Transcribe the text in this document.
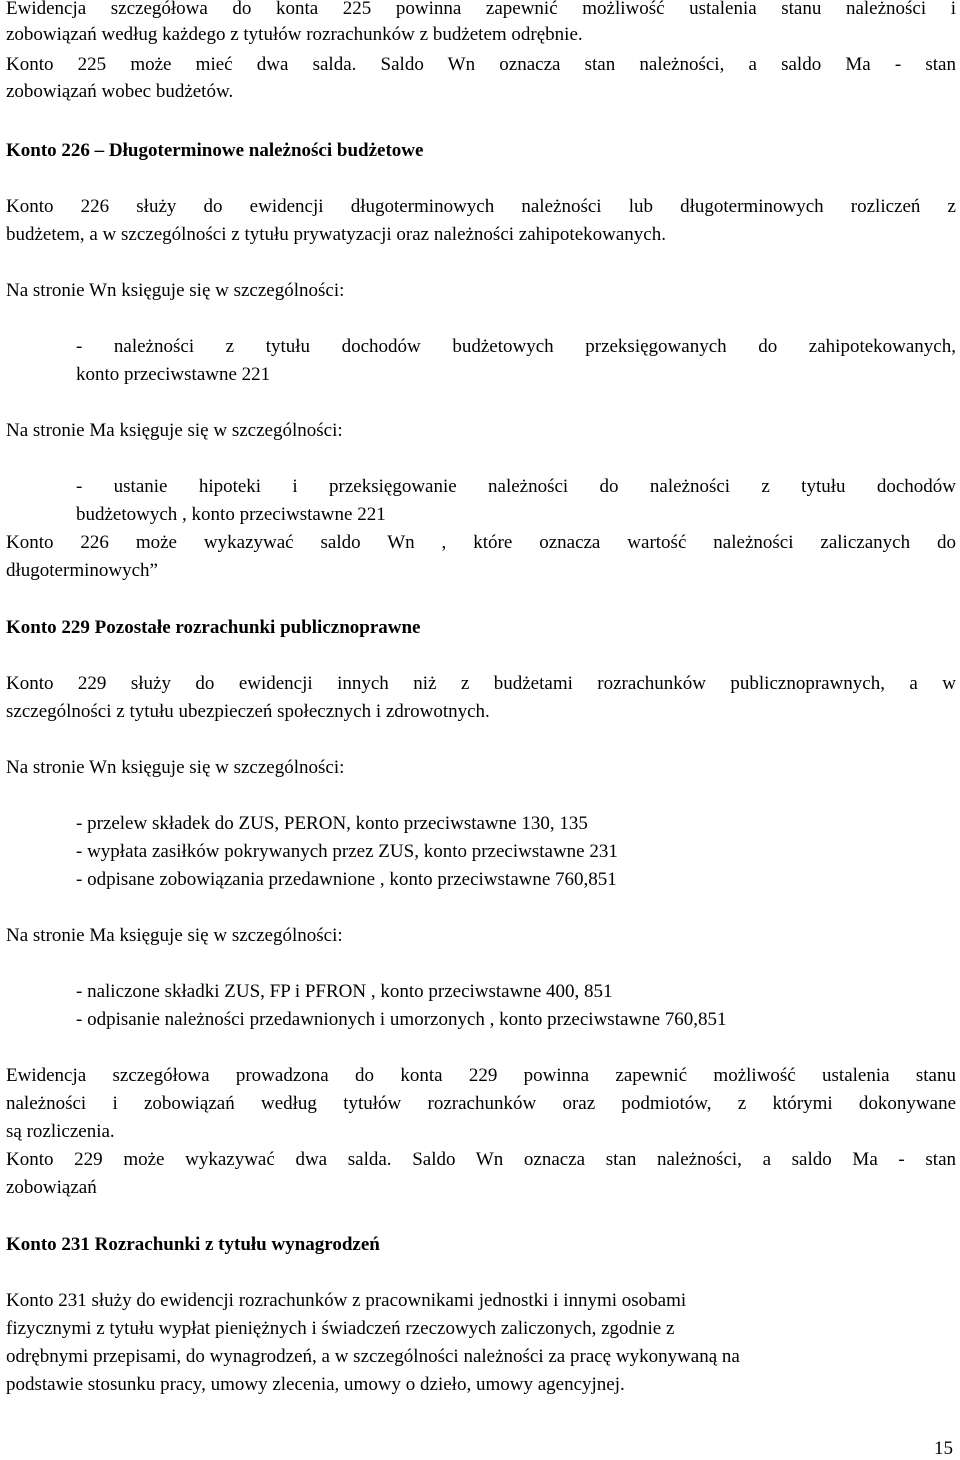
Ewidencja szczegółowa do konta 225 powinna zapewnić możliwość ustalenia stanu należności i
zobowiązań według każdego z tytułów rozrachunków z budżetem odrębnie.
Konto 225 może mieć dwa salda. Saldo Wn oznacza stan należności, a saldo Ma - stan
zobowiązań wobec budżetów.
Konto 226 – Długoterminowe należności budżetowe
Konto 226 służy do ewidencji długoterminowych należności lub długoterminowych rozliczeń z
budżetem, a w szczególności z tytułu prywatyzacji oraz należności zahipotekowanych.
Na stronie Wn księguje się w szczególności:
- należności z tytułu dochodów budżetowych przeksięgowanych do zahipotekowanych,
konto przeciwstawne 221
Na stronie Ma księguje się w szczególności:
- ustanie hipoteki i przeksięgowanie należności do należności z tytułu dochodów
budżetowych , konto przeciwstawne 221
Konto 226 może wykazywać saldo Wn , które oznacza wartość należności zaliczanych do
długoterminowych”
Konto 229 Pozostałe rozrachunki publicznoprawne
Konto 229 służy do ewidencji innych niż z budżetami rozrachunków publicznoprawnych, a w
szczególności z tytułu ubezpieczeń społecznych i zdrowotnych.
Na stronie Wn księguje się w szczególności:
- przelew składek do ZUS, PERON, konto przeciwstawne 130, 135
- wypłata zasiłków pokrywanych przez ZUS, konto przeciwstawne 231
- odpisane zobowiązania przedawnione , konto przeciwstawne 760,851
Na stronie Ma księguje się w szczególności:
- naliczone składki ZUS, FP i PFRON , konto przeciwstawne 400, 851
- odpisanie należności przedawnionych i umorzonych , konto przeciwstawne 760,851
Ewidencja szczegółowa prowadzona do konta 229 powinna zapewnić możliwość ustalenia stanu
należności i zobowiązań według tytułów rozrachunków oraz podmiotów, z którymi dokonywane
są rozliczenia.
Konto 229 może wykazywać dwa salda. Saldo Wn oznacza stan należności, a saldo Ma - stan
zobowiązań
Konto 231 Rozrachunki z tytułu wynagrodzeń
Konto 231 służy do ewidencji rozrachunków z pracownikami jednostki i innymi osobami
fizycznymi z tytułu wypłat pieniężnych i świadczeń rzeczowych zaliczonych, zgodnie z
odrębnymi przepisami, do wynagrodzeń, a w szczególności należności za pracę wykonywaną na
podstawie stosunku pracy, umowy zlecenia, umowy o dzieło, umowy agencyjnej.
15
